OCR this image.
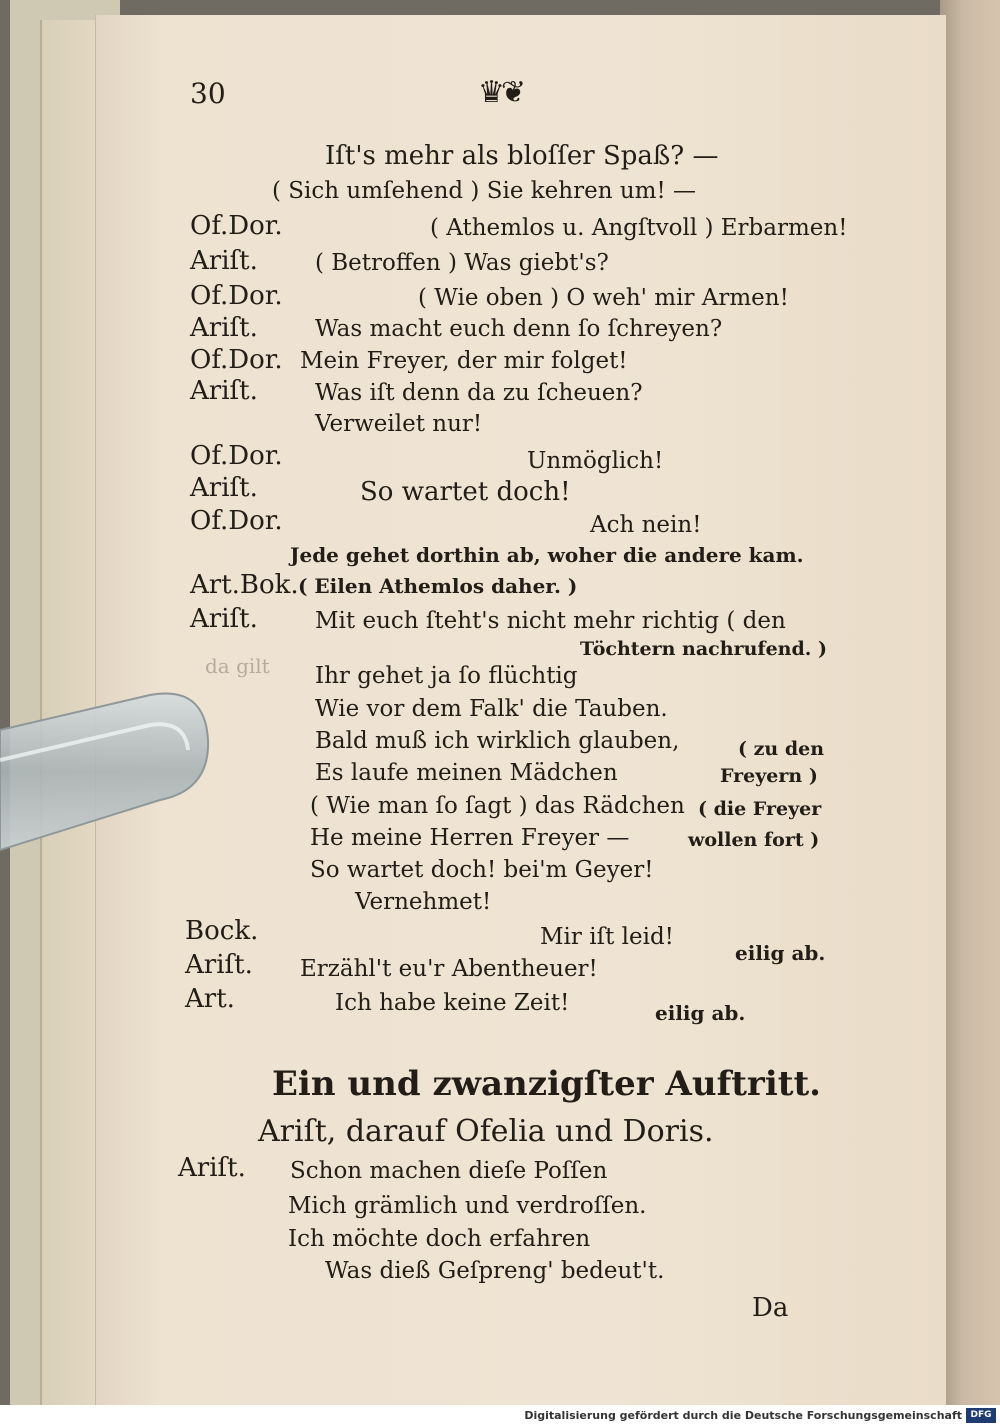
30	♛❦
Iſt's mehr als bloſſer Spaß? —
( Sich umſehend ) Sie kehren um! —
Of.Dor.	( Athemlos u. Angſtvoll ) Erbarmen!
Ariſt. ( Betroffen ) Was giebt's?
Of.Dor.	( Wie oben ) O weh' mir Armen!
Ariſt. Was macht euch denn ſo ſchreyen?
Of.Dor. Mein Freyer, der mir folget!
Ariſt. Was iſt denn da zu ſcheuen?
Verweilet nur!
Of.Dor.	Unmöglich!
Ariſt.	So wartet doch!
Of.Dor.	Ach nein!
Jede gehet dorthin ab, woher die andere kam.
Art.Bok. ( Eilen Athemlos daher. )
Ariſt. Mit euch ſteht's nicht mehr richtig ( den
Töchtern nachrufend. )
da gilt Ihr gehet ja ſo flüchtig
Wie vor dem Falk' die Tauben.
Bald muß ich wirklich glauben,	( zu den
Es laufe meinen Mädchen	Freyern )
( Wie man ſo ſagt ) das Rädchen ( die Freyer
He meine Herren Freyer —	wollen fort )
So wartet doch! bei'm Geyer!
Vernehmet!
Bock.	Mir iſt leid!
eilig ab.
Ariſt. Erzähl't eu'r Abentheuer!
Art.	Ich habe keine Zeit!	eilig ab.
Ein und zwanzigſter Auftritt.
Ariſt, darauf Ofelia und Doris.
Ariſt. Schon machen dieſe Poſſen
Mich grämlich und verdroſſen.
Ich möchte doch erfahren
Was dieß Geſpreng' bedeut't.
Da
Digitalisierung gefördert durch die Deutsche Forschungsgemeinschaft DFG
